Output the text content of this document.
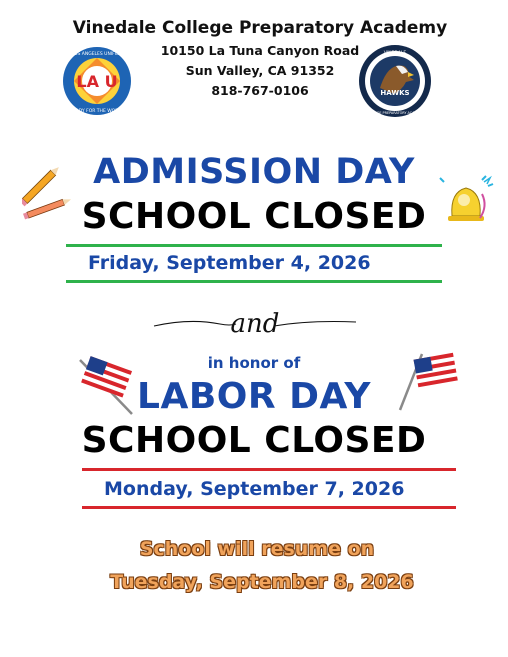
Vinedale College Preparatory Academy
10150 La Tuna Canyon Road
Sun Valley, CA 91352
818-767-0106
LA U
LOS ANGELES UNIFIED
READY FOR THE WORLD
HAWKS
VINEDALE
COLLEGE PREPARATORY ACADEMY
ADMISSION DAY
SCHOOL CLOSED
Friday, September 4, 2026
and
in honor of
LABOR DAY
SCHOOL CLOSED
Monday, September 7, 2026
School will resume on
Tuesday, September 8, 2026
